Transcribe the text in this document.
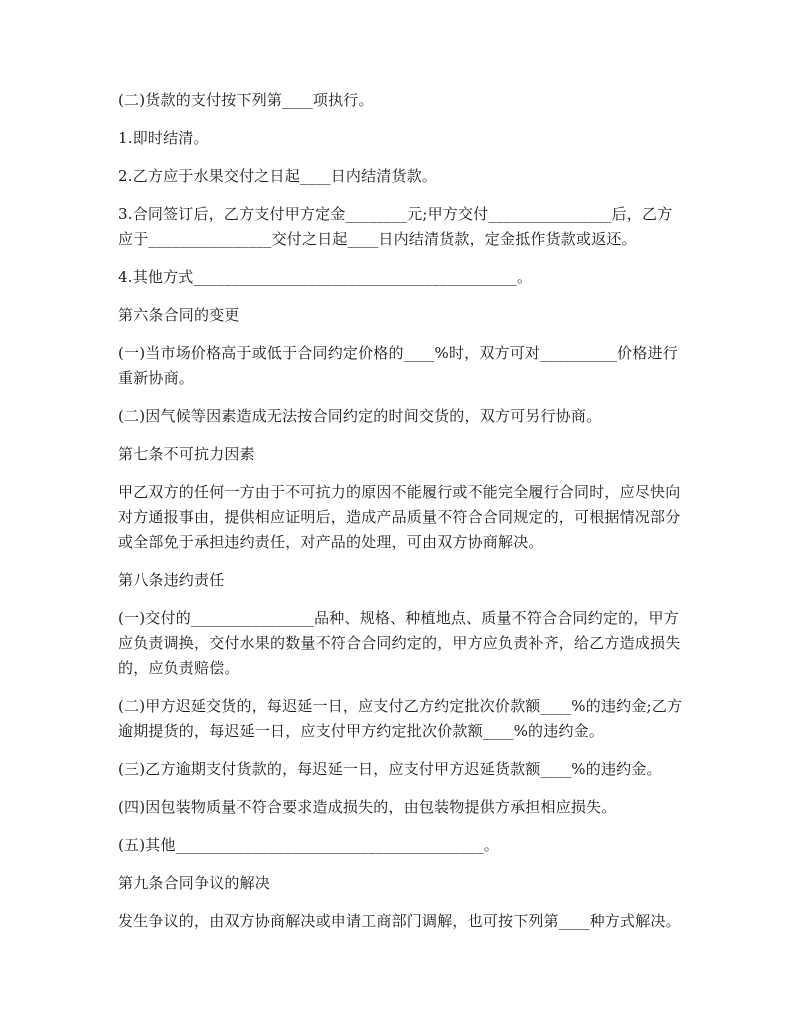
(二)货款的支付按下列第____项执行。

1.即时结清。

2.乙方应于水果交付之日起____日内结清货款。

3.合同签订后，乙方支付甲方定金________元;甲方交付________________后，乙方应于________________交付之日起____日内结清货款，定金抵作货款或返还。

4.其他方式__________________________________________。

第六条合同的变更

(一)当市场价格高于或低于合同约定价格的____%时，双方可对__________价格进行重新协商。

(二)因气候等因素造成无法按合同约定的时间交货的，双方可另行协商。

第七条不可抗力因素

甲乙双方的任何一方由于不可抗力的原因不能履行或不能完全履行合同时，应尽快向对方通报事由，提供相应证明后，造成产品质量不符合合同规定的，可根据情况部分或全部免于承担违约责任，对产品的处理，可由双方协商解决。

第八条违约责任

(一)交付的________________品种、规格、种植地点、质量不符合合同约定的，甲方应负责调换，交付水果的数量不符合合同约定的，甲方应负责补齐，给乙方造成损失的，应负责赔偿。

(二)甲方迟延交货的，每迟延一日，应支付乙方约定批次价款额____%的违约金;乙方逾期提货的，每迟延一日，应支付甲方约定批次价款额____%的违约金。

(三)乙方逾期支付货款的，每迟延一日，应支付甲方迟延货款额____%的违约金。

(四)因包装物质量不符合要求造成损失的，由包装物提供方承担相应损失。

(五)其他________________________________________。

第九条合同争议的解决

发生争议的，由双方协商解决或申请工商部门调解，也可按下列第____种方式解决。
